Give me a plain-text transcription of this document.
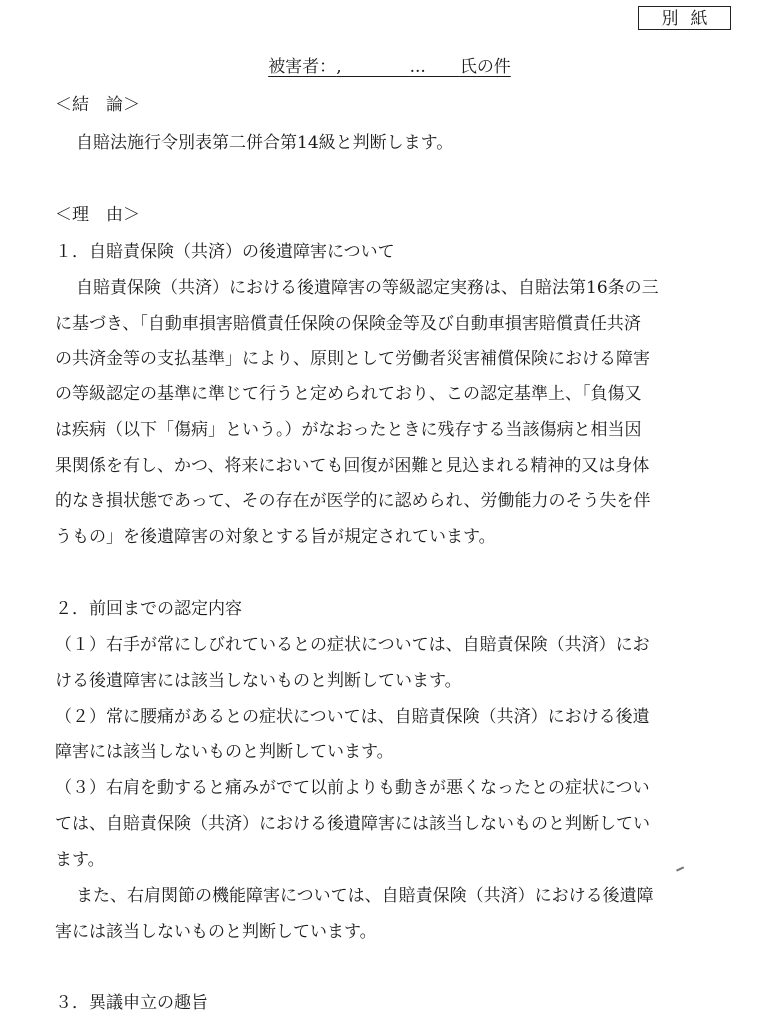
別紙
被害者：,    	...   氏の件
＜結　論＞
自賠法施行令別表第二併合第14級と判断します。
＜理　由＞
１．自賠責保険（共済）の後遺障害について
自賠責保険（共済）における後遺障害の等級認定実務は、自賠法第16条の三
に基づき、「自動車損害賠償責任保険の保険金等及び自動車損害賠償責任共済
の共済金等の支払基準」により、原則として労働者災害補償保険における障害
の等級認定の基準に準じて行うと定められており、この認定基準上、「負傷又
は疾病（以下「傷病」という。）がなおったときに残存する当該傷病と相当因
果関係を有し、かつ、将来においても回復が困難と見込まれる精神的又は身体
的なき損状態であって、その存在が医学的に認められ、労働能力のそう失を伴
うもの」を後遺障害の対象とする旨が規定されています。
２．前回までの認定内容
（１）右手が常にしびれているとの症状については、自賠責保険（共済）にお
ける後遺障害には該当しないものと判断しています。
（２）常に腰痛があるとの症状については、自賠責保険（共済）における後遺
障害には該当しないものと判断しています。
（３）右肩を動すると痛みがでて以前よりも動きが悪くなったとの症状につい
ては、自賠責保険（共済）における後遺障害には該当しないものと判断してい
ます。
また、右肩関節の機能障害については、自賠責保険（共済）における後遺障
害には該当しないものと判断しています。
３．異議申立の趣旨
